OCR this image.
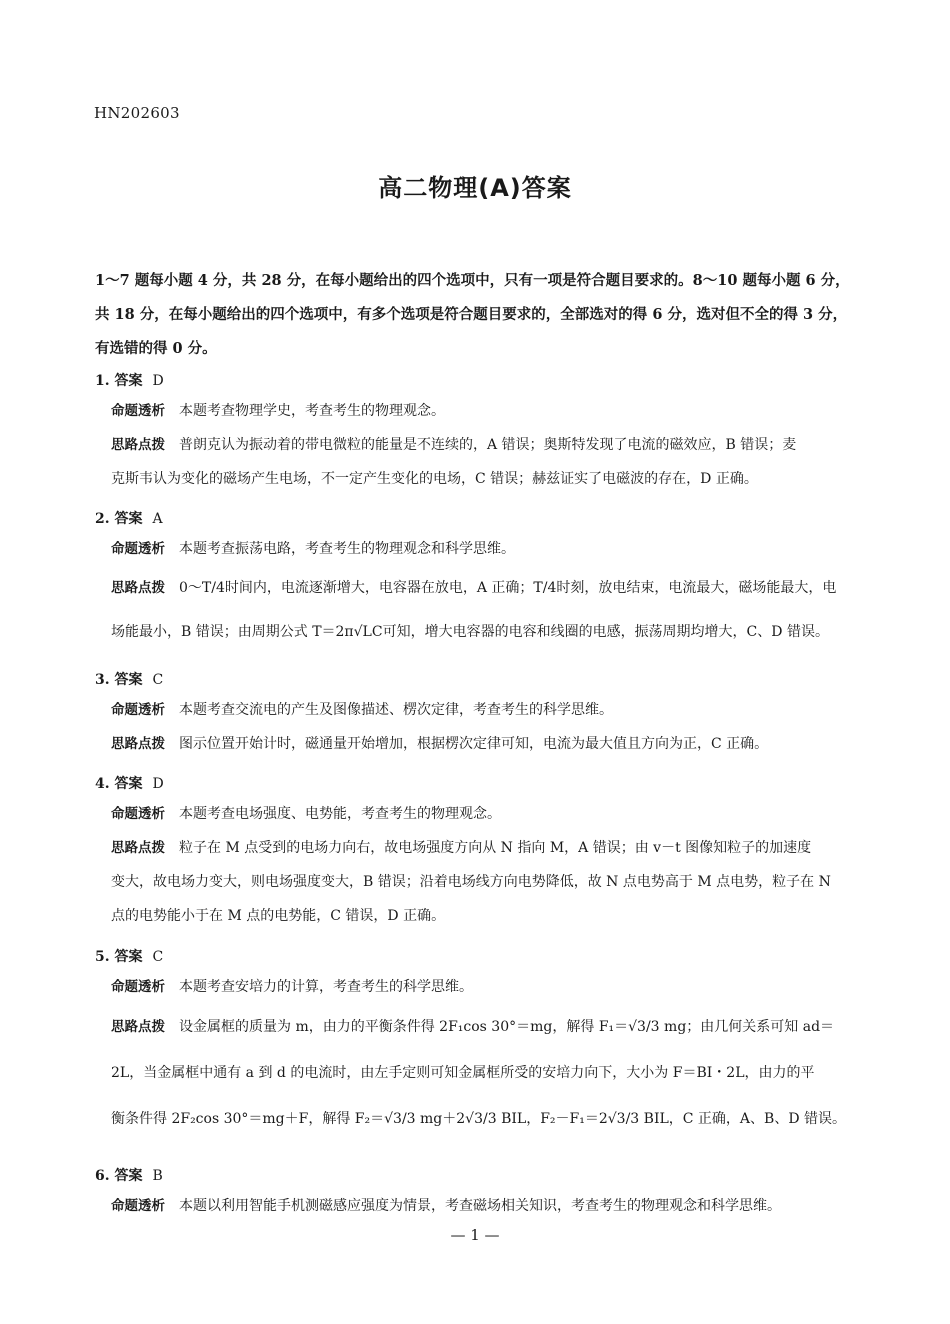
HN202603
高二物理(A)答案

1～7 题每小题 4 分，共 28 分，在每小题给出的四个选项中，只有一项是符合题目要求的。8～10 题每小题 6 分，

共 18 分，在每小题给出的四个选项中，有多个选项是符合题目要求的，全部选对的得 6 分，选对但不全的得 3 分，

有选错的得 0 分。

1. 答案 D

命题透析 本题考查物理学史，考查考生的物理观念。

思路点拨 普朗克认为振动着的带电微粒的能量是不连续的，A 错误；奥斯特发现了电流的磁效应，B 错误；麦

克斯韦认为变化的磁场产生电场，不一定产生变化的电场，C 错误；赫兹证实了电磁波的存在，D 正确。

2. 答案 A

命题透析 本题考查振荡电路，考查考生的物理观念和科学思维。

思路点拨 0～T/4时间内，电流逐渐增大，电容器在放电，A 正确；T/4时刻，放电结束，电流最大，磁场能最大，电

场能最小，B 错误；由周期公式 T＝2π√LC可知，增大电容器的电容和线圈的电感，振荡周期均增大，C、D 错误。

3. 答案 C

命题透析 本题考查交流电的产生及图像描述、楞次定律，考查考生的科学思维。

思路点拨 图示位置开始计时，磁通量开始增加，根据楞次定律可知，电流为最大值且方向为正，C 正确。

4. 答案 D

命题透析 本题考查电场强度、电势能，考查考生的物理观念。

思路点拨 粒子在 M 点受到的电场力向右，故电场强度方向从 N 指向 M，A 错误；由 v－t 图像知粒子的加速度

变大，故电场力变大，则电场强度变大，B 错误；沿着电场线方向电势降低，故 N 点电势高于 M 点电势，粒子在 N

点的电势能小于在 M 点的电势能，C 错误，D 正确。

5. 答案 C

命题透析 本题考查安培力的计算，考查考生的科学思维。

思路点拨 设金属框的质量为 m，由力的平衡条件得 2F₁cos 30°＝mg，解得 F₁＝√3/3 mg；由几何关系可知 ad＝

2L，当金属框中通有 a 到 d 的电流时，由左手定则可知金属框所受的安培力向下，大小为 F＝BI・2L，由力的平

衡条件得 2F₂cos 30°＝mg＋F，解得 F₂＝√3/3 mg＋2√3/3 BIL，F₂－F₁＝2√3/3 BIL，C 正确，A、B、D 错误。

6. 答案 B

命题透析 本题以利用智能手机测磁感应强度为情景，考查磁场相关知识，考查考生的物理观念和科学思维。

— 1 —
